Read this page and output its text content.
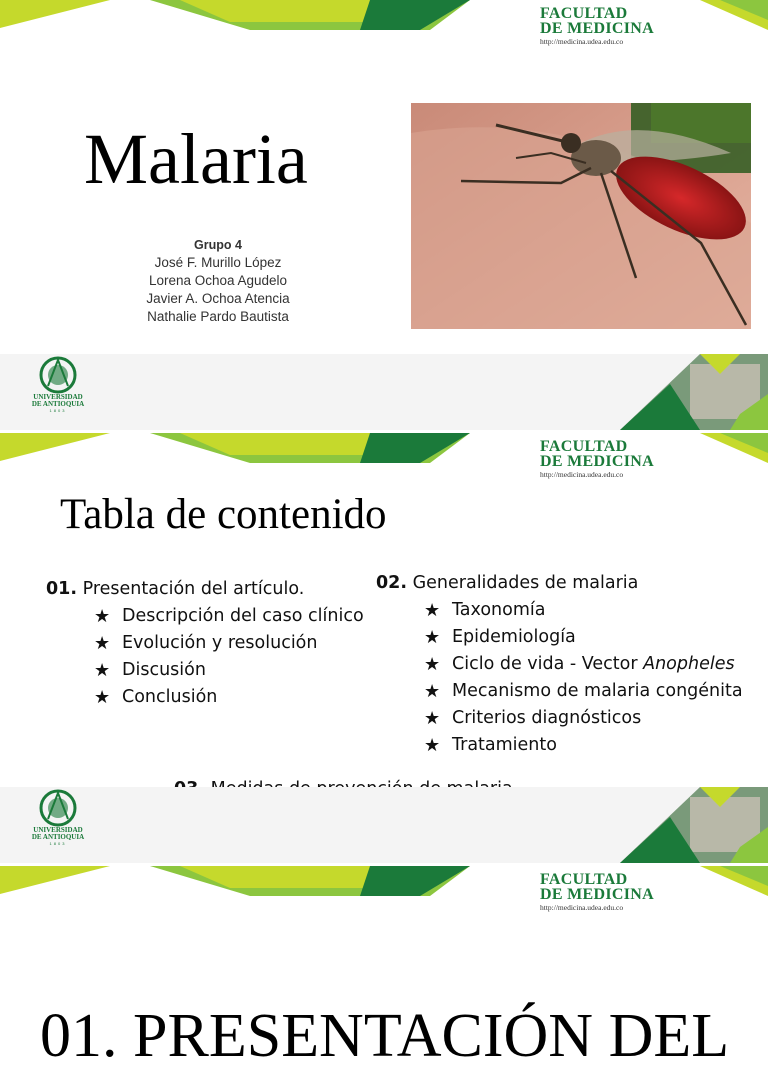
FACULTAD
DE MEDICINA
http://medicina.udea.edu.co
Malaria
Grupo 4
José F. Murillo López
Lorena Ochoa Agudelo
Javier A. Ochoa Atencia
Nathalie Pardo Bautista
UNIVERSIDAD
DE ANTIOQUIA
1803
FACULTAD
DE MEDICINA
http://medicina.udea.edu.co
Tabla de contenido
01. Presentación del artículo.
★ Descripción del caso clínico
★ Evolución y resolución
★ Discusión
★ Conclusión
02. Generalidades de malaria
★ Taxonomía
★ Epidemiología
★ Ciclo de vida - Vector Anopheles
★ Mecanismo de malaria congénita
★ Criterios diagnósticos
★ Tratamiento
UNIVERSIDAD
DE ANTIOQUIA
1803
FACULTAD
DE MEDICINA
http://medicina.udea.edu.co
01. PRESENTACIÓN DEL
